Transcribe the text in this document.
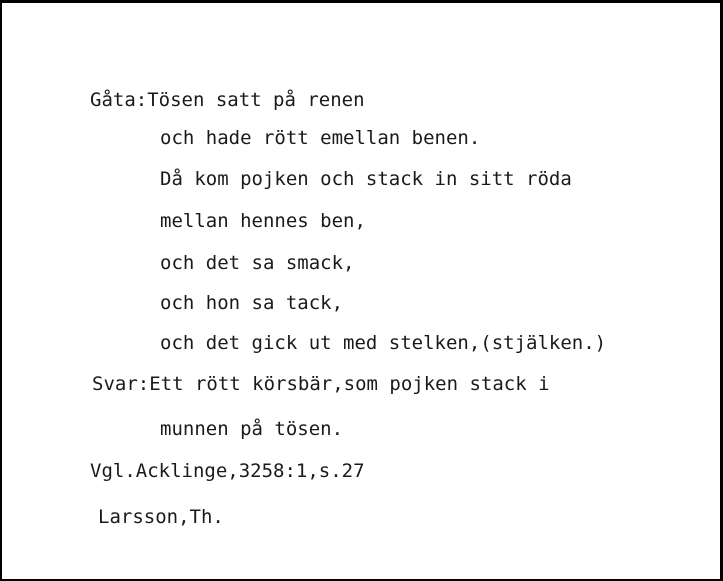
Gåta:Tösen satt på renen
och hade rött emellan benen.
Då kom pojken och stack in sitt röda
mellan hennes ben,
och det sa smack,
och hon sa tack,
och det gick ut med stelken,(stjälken.)
Svar:Ett rött körsbär,som pojken stack i
munnen på tösen.
Vgl.Acklinge,3258:1,s.27
Larsson,Th.
